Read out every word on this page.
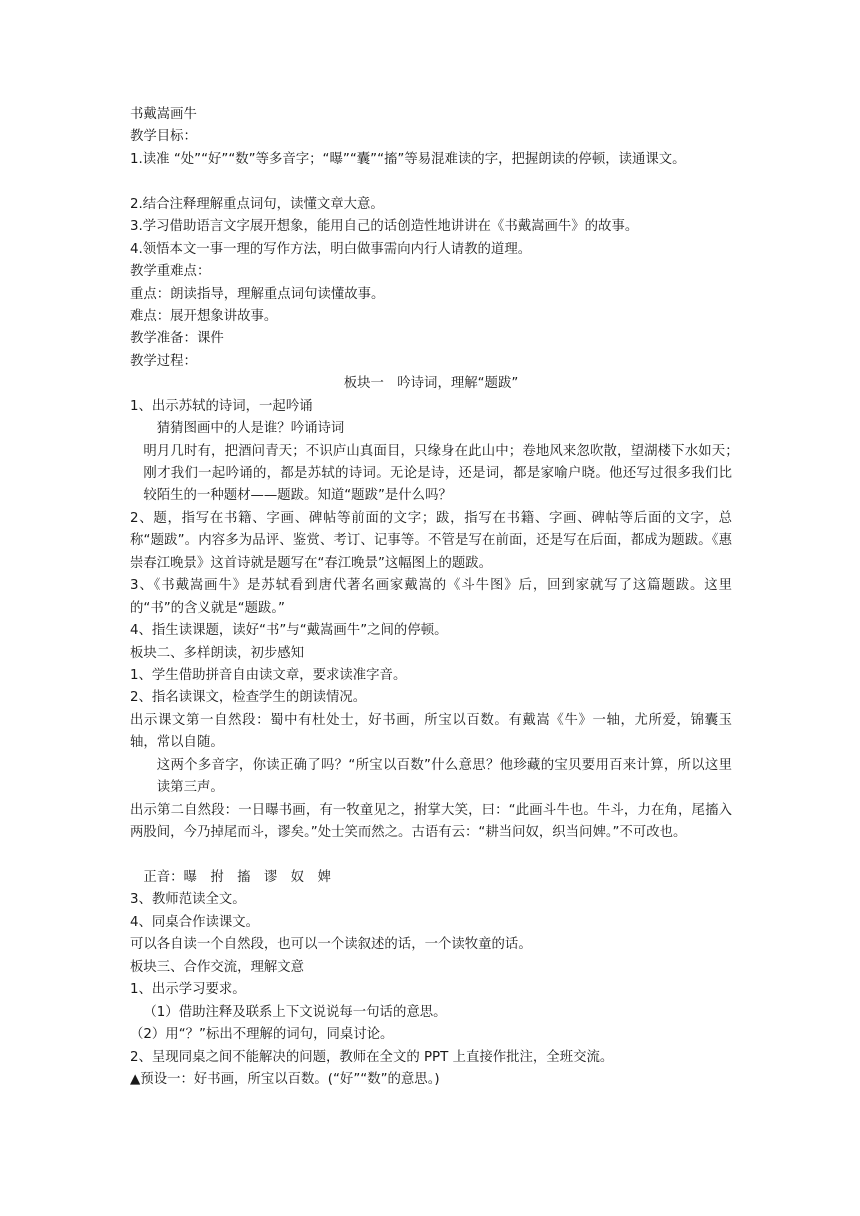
书戴嵩画牛
教学目标：
1.读准 “处”“好”“数”等多音字；“曝”“囊”“搐”等易混难读的字，把握朗读的停顿，读通课文。
2.结合注释理解重点词句，读懂文章大意。
3.学习借助语言文字展开想象，能用自己的话创造性地讲讲在《书戴嵩画牛》的故事。
4.领悟本文一事一理的写作方法，明白做事需向内行人请教的道理。
教学重难点：
重点：朗读指导，理解重点词句读懂故事。
难点：展开想象讲故事。
教学准备：课件
教学过程：
板块一　吟诗词，理解“题跋”
1、出示苏轼的诗词，一起吟诵
猜猜图画中的人是谁？吟诵诗词
明月几时有，把酒问青天；不识庐山真面目，只缘身在此山中；卷地风来忽吹散，望湖楼下水如天；　刚才我们一起吟诵的，都是苏轼的诗词。无论是诗，还是词，都是家喻户晓。他还写过很多我们比较陌生的一种题材——题跋。知道“题跋”是什么吗？
2、题，指写在书籍、字画、碑帖等前面的文字；跋，指写在书籍、字画、碑帖等后面的文字，总称“题跋”。内容多为品评、鉴赏、考订、记事等。不管是写在前面，还是写在后面，都成为题跋。《惠崇春江晚景》这首诗就是题写在“春江晚景”这幅图上的题跋。
3、《书戴嵩画牛》是苏轼看到唐代著名画家戴嵩的《斗牛图》后，回到家就写了这篇题跋。这里的“书”的含义就是“题跋。”
4、指生读课题，读好“书”与“戴嵩画牛”之间的停顿。
板块二、多样朗读，初步感知
1、学生借助拼音自由读文章，要求读准字音。
2、指名读课文，检查学生的朗读情况。
出示课文第一自然段：蜀中有杜处士，好书画，所宝以百数。有戴嵩《牛》一轴，尤所爱，锦囊玉轴，常以自随。
这两个多音字，你读正确了吗？“所宝以百数”什么意思？他珍藏的宝贝要用百来计算，所以这里读第三声。
出示第二自然段：一日曝书画，有一牧童见之，拊掌大笑，曰：“此画斗牛也。牛斗，力在角，尾搐入两股间，今乃掉尾而斗，谬矣。”处士笑而然之。古语有云：“耕当问奴，织当问婢。”不可改也。
正音：曝　拊　搐　谬　奴　婢
3、教师范读全文。
4、同桌合作读课文。
可以各自读一个自然段，也可以一个读叙述的话，一个读牧童的话。
板块三、合作交流，理解文意
1、出示学习要求。
（1）借助注释及联系上下文说说每一句话的意思。
（2）用“？”标出不理解的词句，同桌讨论。
2、呈现同桌之间不能解决的问题，教师在全文的 PPT 上直接作批注，全班交流。
▲预设一：好书画，所宝以百数。(“好”“数”的意思。)
